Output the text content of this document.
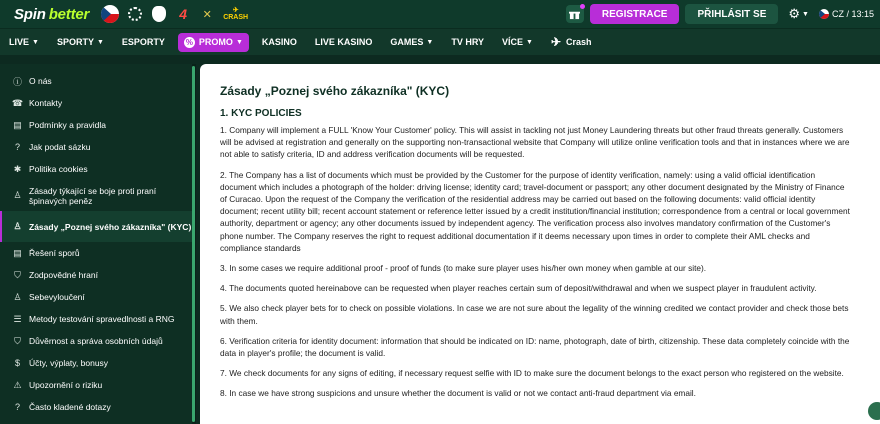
Spin better	4	✕	✈
CRASH	REGISTRACE	PŘIHLÁSIT SE	⚙ ▼	CZ / 13:15
LIVE ▼ SPORTY ▼ ESPORTY	% PROMO ▼ KASINO LIVE KASINO GAMES ▼ TV HRY VÍCE ▼ ✈ Crash
ⓘ O nás
☎ Kontakty
▤ Podmínky a pravidla
?	Jak podat sázku
✱ Politika cookies
♙ Zásady týkající se boje proti praní špinavých peněz
♙ Zásady „Poznej svého zákazníka" (KYC)
▤ Řešení sporů
⛉ Zodpovědné hraní
♙ Sebevyloučení
☰ Metody testování spravedlnosti a RNG
⛉ Důvěrnost a správa osobních údajů
$	Účty, výplaty, bonusy
⚠ Upozornění o riziku
?	Často kladené dotazy
Zásady „Poznej svého zákazníka" (KYC)
1. KYC POLICIES

1. Company will implement a FULL 'Know Your Customer' policy. This will assist in tackling not just Money Laundering threats but other fraud threats generally. Customers will be advised at registration and generally on the supporting non-transactional website that Company will utilize online verification tools and that in instances where we are not able to satisfy criteria, ID and address verification documents will be requested.

2. The Company has a list of documents which must be provided by the Customer for the purpose of identity verification, namely: using a valid official identification document which includes a photograph of the holder: driving license; identity card; travel-document or passport; any other document designated by the Ministry of Finance of Curacao. Upon the request of the Company the verification of the residential address may be carried out based on the following documents: valid official identity document; recent utility bill; recent account statement or reference letter issued by a credit institution/financial institution; correspondence from a central or local government authority, department or agency; any other documents issued by independent agency. The verification process also involves mandatory confirmation of the Customer's phone number. The Company reserves the right to request additional documentation if it deems necessary upon times in order to complete their AML checks and compliance standards

3. In some cases we require additional proof - proof of funds (to make sure player uses his/her own money when gamble at our site).

4. The documents quoted hereinabove can be requested when player reaches certain sum of deposit/withdrawal and when we suspect player in fraudulent activity.

5. We also check player bets for to check on possible violations. In case we are not sure about the legality of the winning credited we contact provider and check those bets with them.

6. Verification criteria for identity document: information that should be indicated on ID: name, photograph, date of birth, citizenship. These data completely coincide with the data in player's profile; the document is valid.

7. We check documents for any signs of editing, if necessary request selfie with ID to make sure the document belongs to the exact person who registered on the website.

8. In case we have strong suspicions and unsure whether the document is valid or not we contact anti-fraud department via email.
